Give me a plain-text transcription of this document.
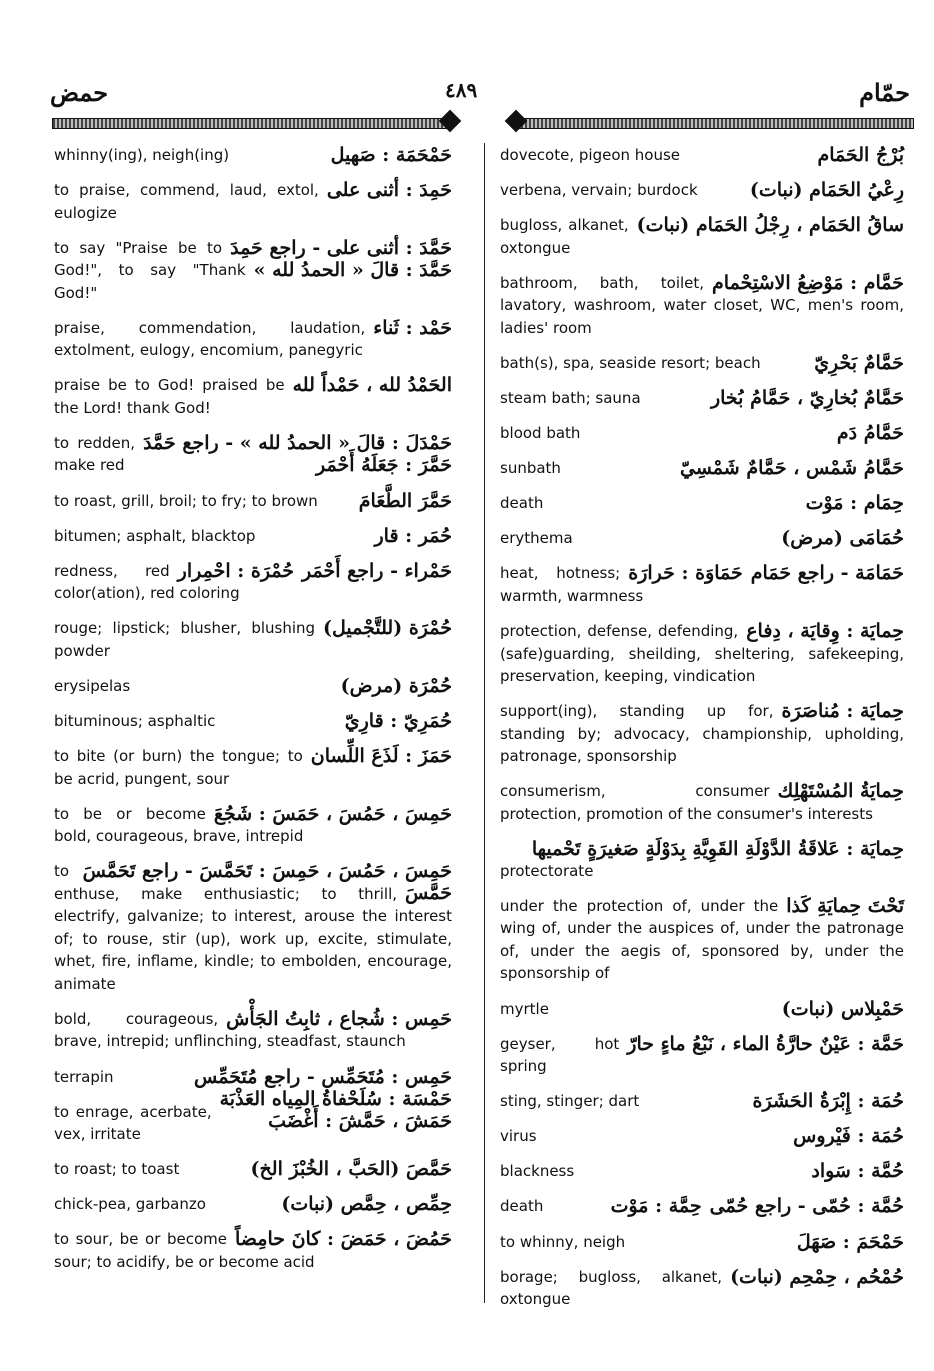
حمّام
٤٨٩
حمض
حَمْحَمَة : صَهيل
whinny(ing), neigh(ing)
حَمِدَ : أثنى على
to praise, commend, laud, extol, eulogize
حَمَّدَ : أثنى على - راجع حَمِدَ
حَمَّدَ : قالَ « الحمدُ لله »
to say "Praise be to God!", to say "Thank God!"
حَمْد : ثَناء
praise, commendation, laudation, extolment, eulogy, encomium, panegyric
الحَمْدُ لله ، حَمْداً لله
praise be to God! praised be the Lord! thank God!
حَمْدَلَ : قالَ « الحمدُ لله » - راجع حَمَّدَ
حَمَّرَ : جَعَلَهُ أَحْمَر
to redden, make red
حَمَّرَ الطَّعَامَ
to roast, grill, broil; to fry; to brown
حُمَر : قار
bitumen; asphalt, blacktop
حَمْراء - راجع أَحْمَر
حُمْرَة : احْمِرار
redness, red color(ation), red coloring
حُمْرَة (للتَّجْميل)
rouge; lipstick; blusher, blushing powder
حُمْرَة (مرض)
erysipelas
حُمَرِيّ : قارِيّ
bituminous; asphaltic
حَمَزَ : لَذَعَ اللِّسان
to bite (or burn) the tongue; to be acrid, pungent, sour
حَمِسَ ، حَمُسَ ، حَمَسَ : شَجُعَ
to be or become bold, courageous, brave, intrepid
حَمِسَ ، حَمُسَ ، حَمِسَ : تَحَمَّسَ - راجع تَحَمَّسَ
حَمَّسَ
to enthuse, make enthusiastic; to thrill, electrify, galvanize; to interest, arouse the interest of; to rouse, stir (up), work up, excite, stimulate, whet, fire, inflame, kindle; to embolden, encourage, animate
حَمِس : شُجاع ، ثابِتُ الجَأْش
bold, courageous, brave, intrepid; unflinching, steadfast, staunch
حَمِس : مُتَحَمِّس - راجع مُتَحَمِّس
حَمْسَة : سُلَحْفاةُ المِياه العَذْبَة
terrapin
حَمَشَ ، حَمَّشَ : أَغْضَبَ
to enrage, acerbate, vex, irritate
حَمَّصَ (الحَبَّ ، الخُبْزَ الخ)
to roast; to toast
حِمِّص ، حِمَّص (نبات)
chick-pea, garbanzo
حَمُضَ ، حَمَضَ : كانَ حامِضاً
to sour, be or become sour; to acidify, be or become acid
بُرْجُ الحَمَام
dovecote, pigeon house
رِعْيُ الحَمَام (نبات)
verbena, vervain; burdock
ساقُ الحَمَام ، رِجْلُ الحَمَام (نبات)
bugloss, alkanet, oxtongue
حَمَّام : مَوْضِعُ الاسْتِحْمام
bathroom, bath, toilet, lavatory, washroom, water closet, WC, men's room, ladies' room
حَمَّامٌ بَحْرِيّ
bath(s), spa, seaside resort; beach
حَمَّامٌ بُخارِيّ ، حَمَّامُ بُخار
steam bath; sauna
حَمَّامُ دَم
blood bath
حَمَّامُ شَمْس ، حَمَّامٌ شَمْسِيّ
sunbath
حِمَام : مَوْت
death
حُمَامَى (مرض)
erythema
حَمَامَة - راجع حَمَام
حَمَاوَة : حَرارَة
heat, hotness; warmth, warmness
حِمايَة : وِقايَة ، دِفاع
protection, defense, defending, (safe)guarding, sheilding, sheltering, safekeeping, preservation, keeping, vindication
حِمايَة : مُناصَرَة
support(ing), standing up for, standing by; advocacy, championship, upholding, patronage, sponsorship
حِمايَةُ المُسْتَهْلِك
consumerism, consumer protection, promotion of the consumer's interests
حِمايَة : عَلاقَةُ الدَّوْلَةِ القَوِيَّةِ بِدَوْلَةٍ صَغيرَةٍ تَحْميها
protectorate
تَحْتَ حِمايَةِ كَذا
under the protection of, under the wing of, under the auspices of, under the patronage of, under the aegis of, sponsored by, under the sponsorship of
حَمْبِلاس (نبات)
myrtle
حَمَّة : عَيْنٌ حارَّةُ الماء ، نَبْعُ ماءٍ حارّ
geyser, hot spring
حُمَة : إِبْرَةُ الحَشَرَة
sting, stinger; dart
حُمَة : فَيْروس
virus
حُمَّة : سَواد
blackness
حُمَّة : حُمّى - راجع حُمّى
حِمَّة : مَوْت
death
حَمْحَمَ : صَهَلَ
to whinny, neigh
حُمْحُم ، حِمْحِم (نبات)
borage; bugloss, alkanet, oxtongue
